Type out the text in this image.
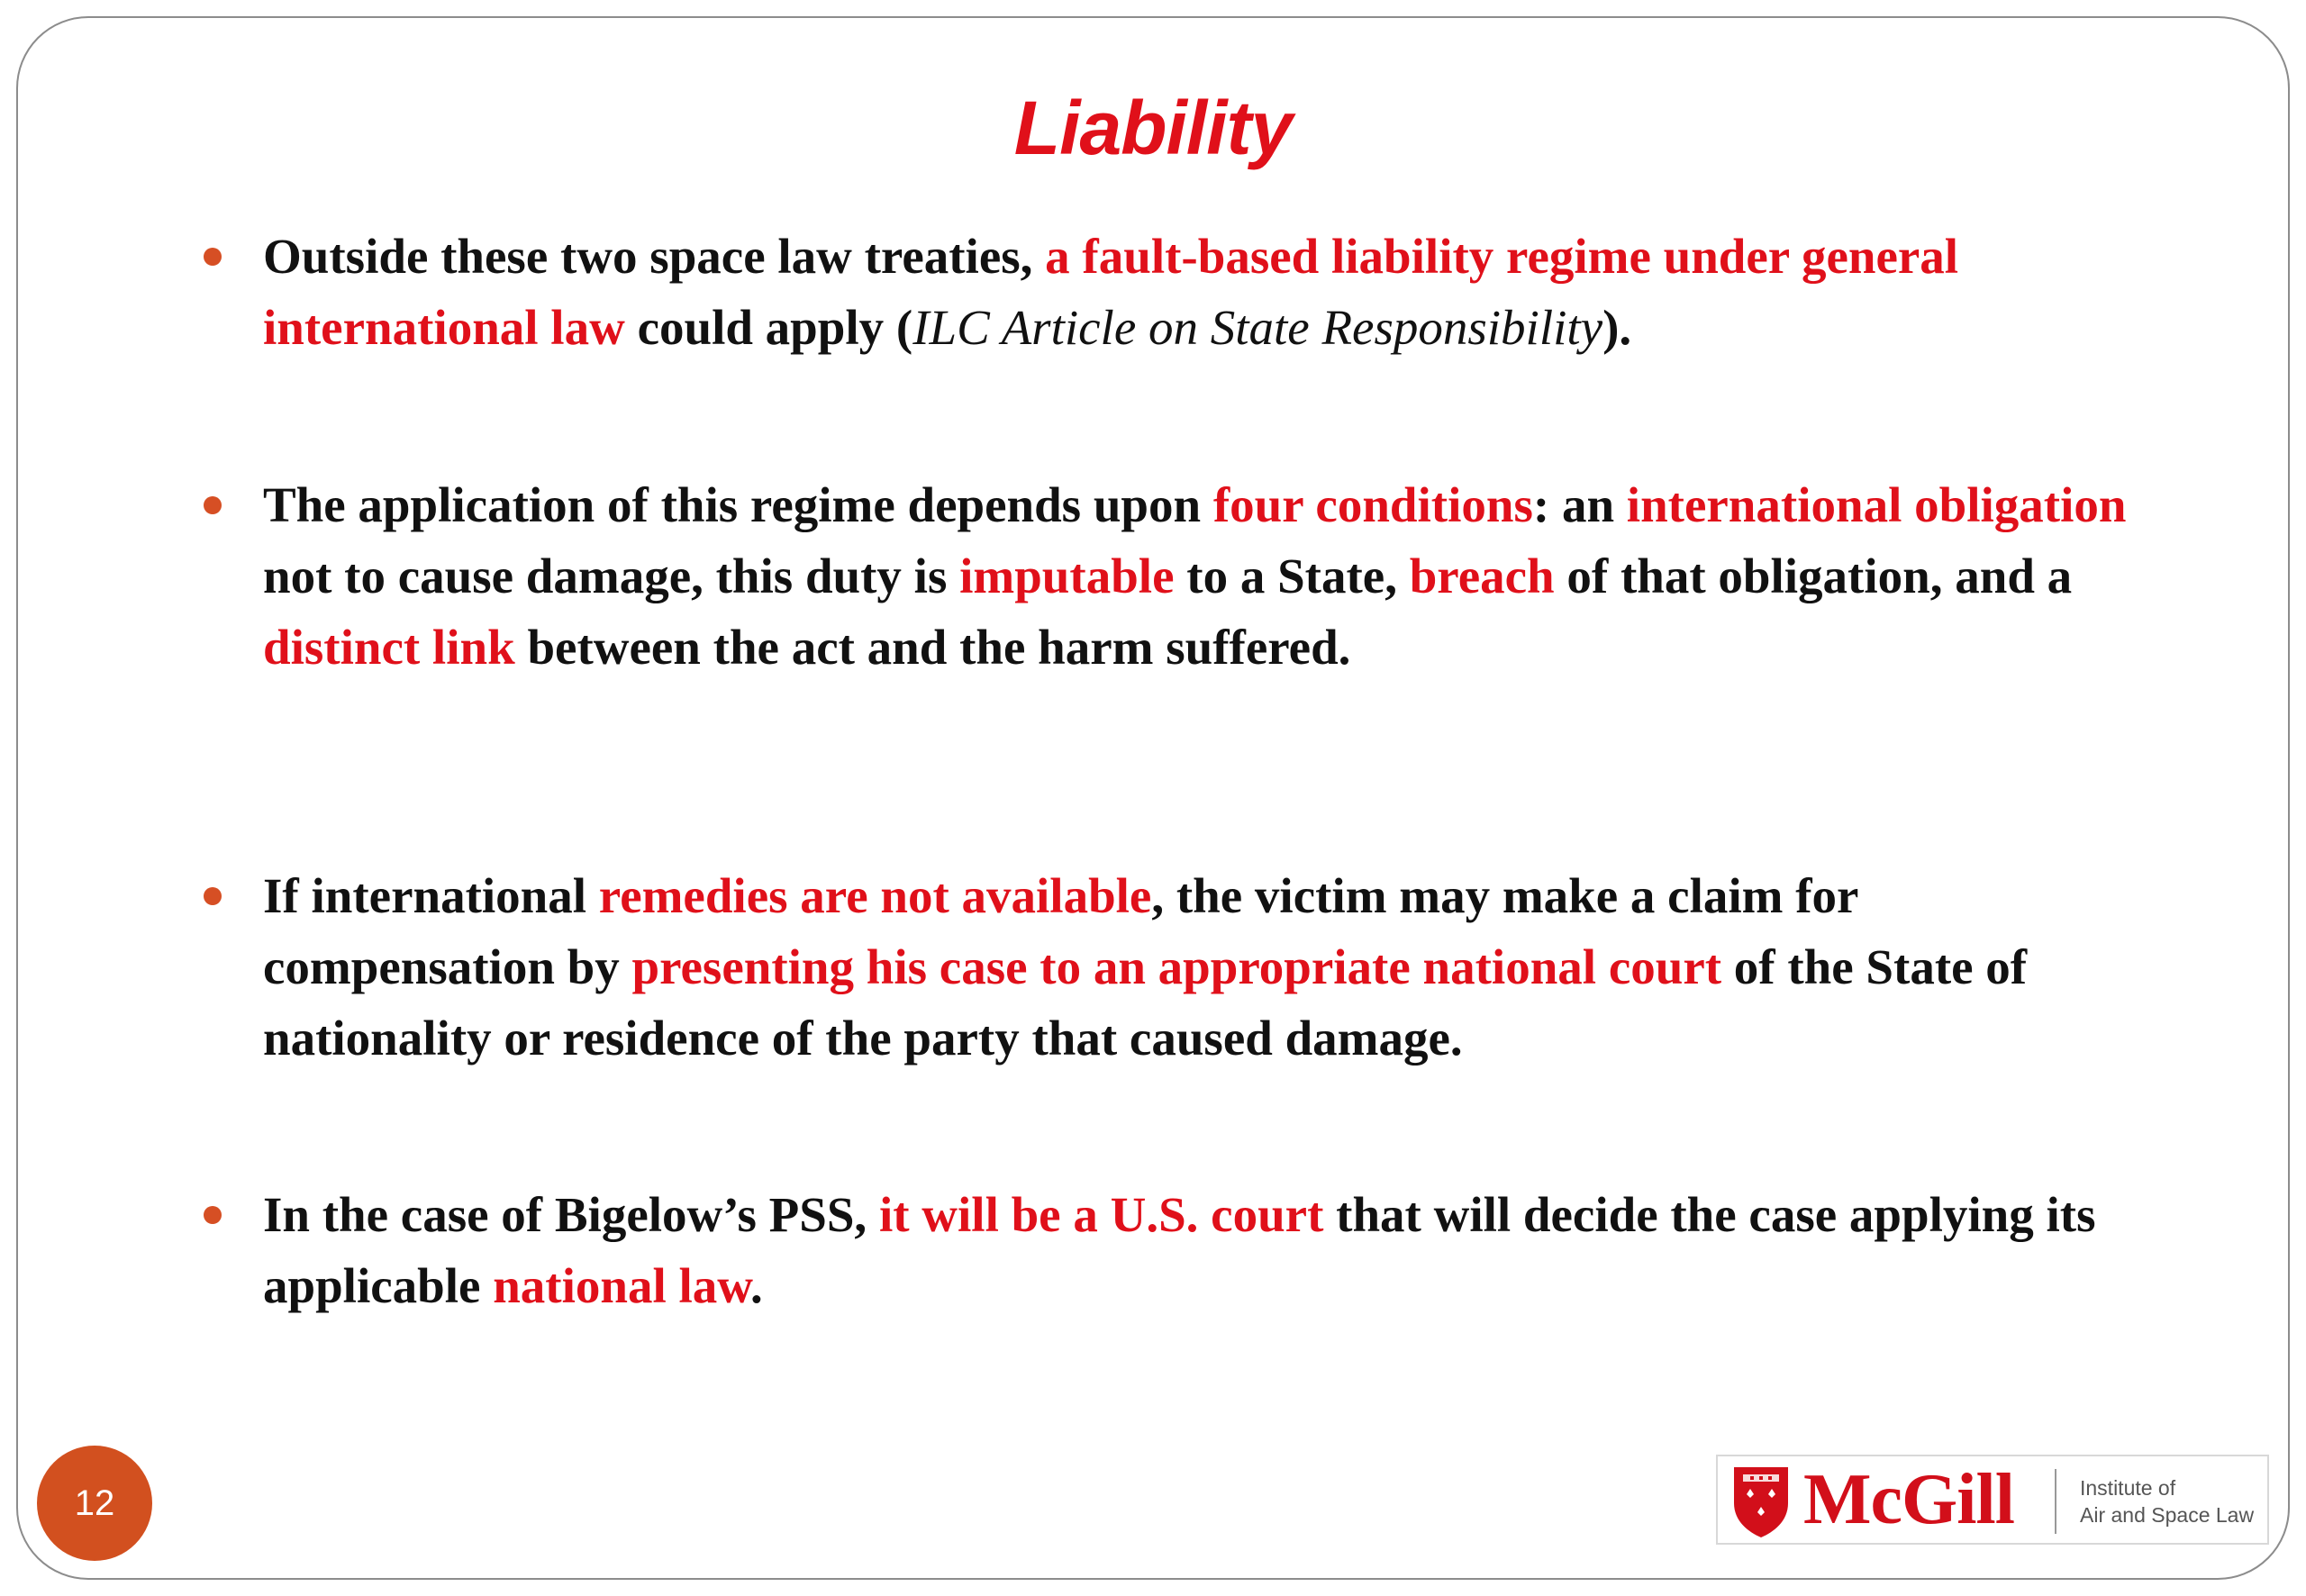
Liability
Outside these two space law treaties, a fault-based liability regime under general international law could apply (ILC Article on State Responsibility).
The application of this regime depends upon four conditions: an international obligation not to cause damage, this duty is imputable to a State, breach of that obligation, and a distinct link between the act and the harm suffered.
If international remedies are not available, the victim may make a claim for compensation by presenting his case to an appropriate national court of the State of nationality or residence of the party that caused damage.
In the case of Bigelow’s PSS, it will be a U.S. court that will decide the case applying its applicable national law.
12	McGill	Institute of
Air and Space Law
